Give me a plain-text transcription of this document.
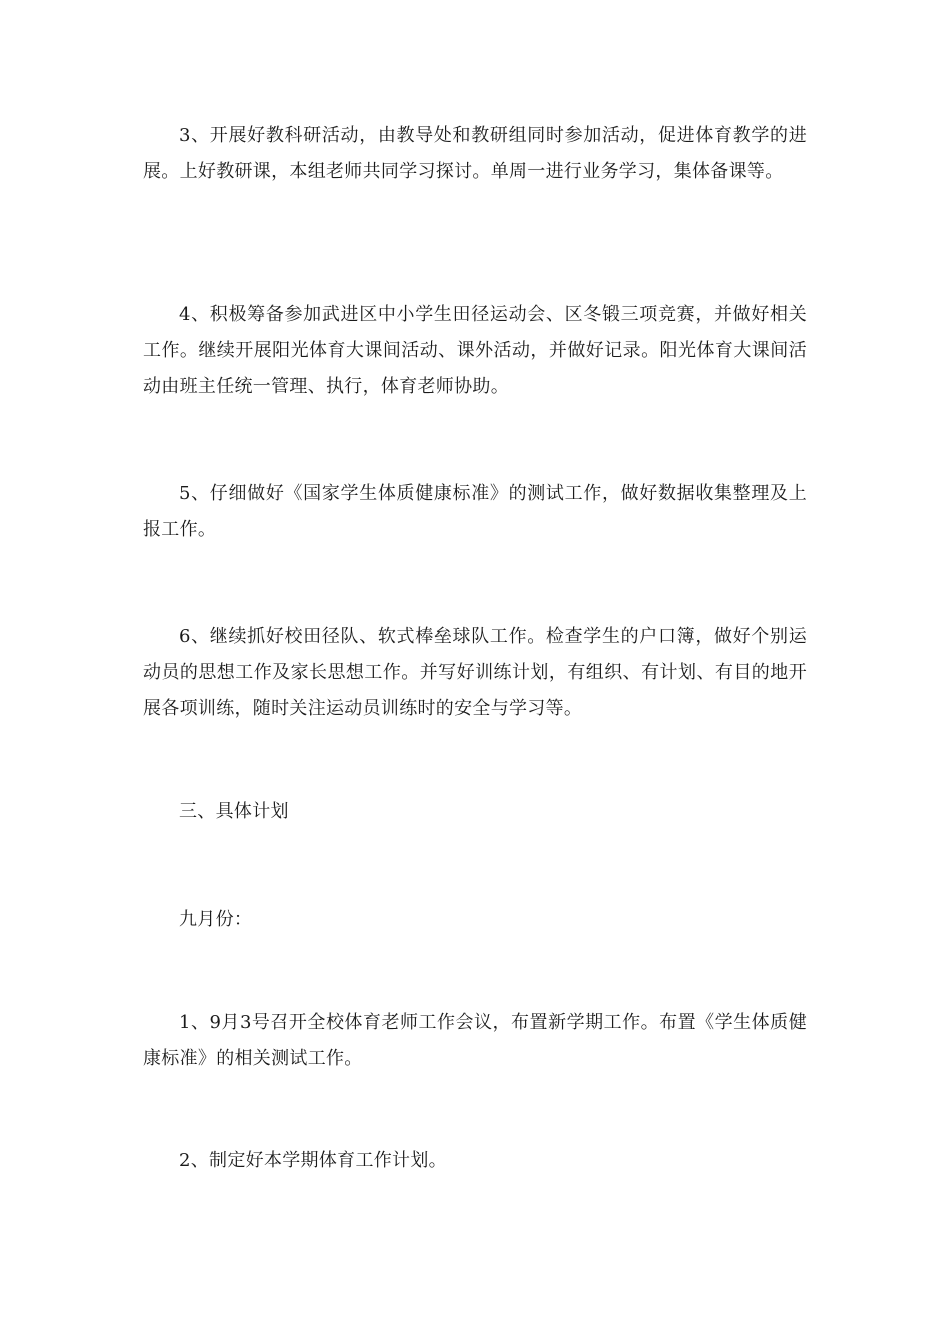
3、开展好教科研活动，由教导处和教研组同时参加活动，促进体育教学的进展。上好教研课，本组老师共同学习探讨。单周一进行业务学习，集体备课等。

4、积极筹备参加武进区中小学生田径运动会、区冬锻三项竞赛，并做好相关工作。继续开展阳光体育大课间活动、课外活动，并做好记录。阳光体育大课间活动由班主任统一管理、执行，体育老师协助。

5、仔细做好《国家学生体质健康标准》的测试工作，做好数据收集整理及上报工作。

6、继续抓好校田径队、软式棒垒球队工作。检查学生的户口簿，做好个别运动员的思想工作及家长思想工作。并写好训练计划，有组织、有计划、有目的地开展各项训练，随时关注运动员训练时的安全与学习等。

三、具体计划

九月份：

1、9月3号召开全校体育老师工作会议，布置新学期工作。布置《学生体质健康标准》的相关测试工作。

2、制定好本学期体育工作计划。
